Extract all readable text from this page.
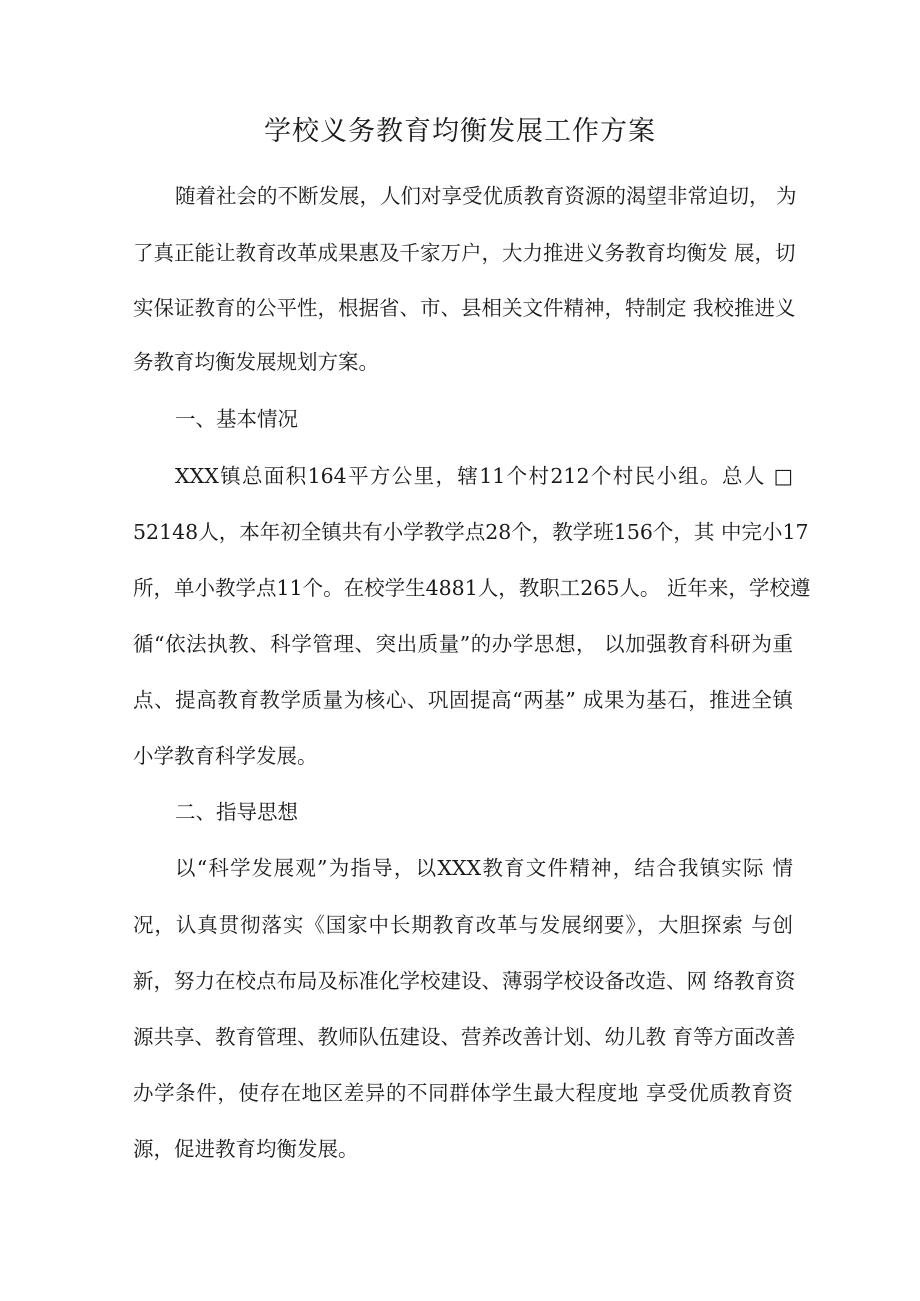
学校义务教育均衡发展工作方案
随着社会的不断发展，人们对享受优质教育资源的渴望非常迫切， 为
了真正能让教育改革成果惠及千家万户，大力推进义务教育均衡发 展，切
实保证教育的公平性，根据省、市、县相关文件精神，特制定 我校推进义
务教育均衡发展规划方案。
一、基本情况
XXX镇总面积164平方公里，辖11个村212个村民小组。总人 □
52148人，本年初全镇共有小学教学点28个，教学班156个，其 中完小17
所，单小教学点11个。在校学生4881人，教职工265人。 近年来，学校遵
循“依法执教、科学管理、突出质量”的办学思想， 以加强教育科研为重
点、提高教育教学质量为核心、巩固提高“两基” 成果为基石，推进全镇
小学教育科学发展。
二、指导思想
以“科学发展观”为指导，以XXX教育文件精神，结合我镇实际 情
况，认真贯彻落实《国家中长期教育改革与发展纲要》，大胆探索 与创
新，努力在校点布局及标准化学校建设、薄弱学校设备改造、网 络教育资
源共享、教育管理、教师队伍建设、营养改善计划、幼儿教 育等方面改善
办学条件，使存在地区差异的不同群体学生最大程度地 享受优质教育资
源，促进教育均衡发展。
